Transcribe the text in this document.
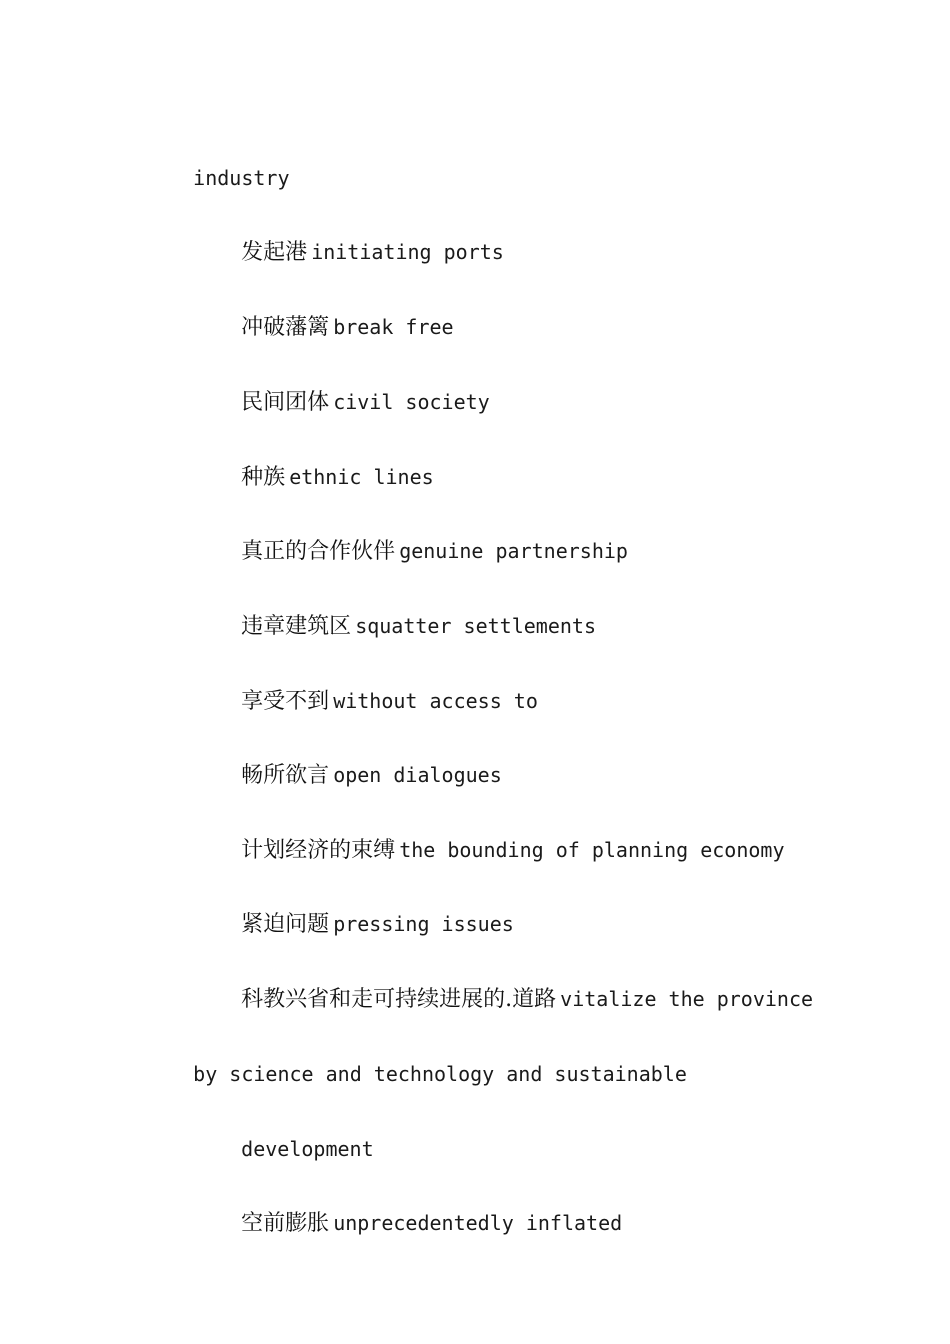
industry

发起港 initiating ports

冲破藩篱 break free

民间团体 civil society

种族 ethnic lines

真正的合作伙伴 genuine partnership

违章建筑区 squatter settlements

享受不到 without access to

畅所欲言 open dialogues

计划经济的束缚 the bounding of planning economy

紧迫问题 pressing issues

科教兴省和走可持续进展的.道路 vitalize the province

by science and technology and sustainable

development

空前膨胀 unprecedentedly inflated
